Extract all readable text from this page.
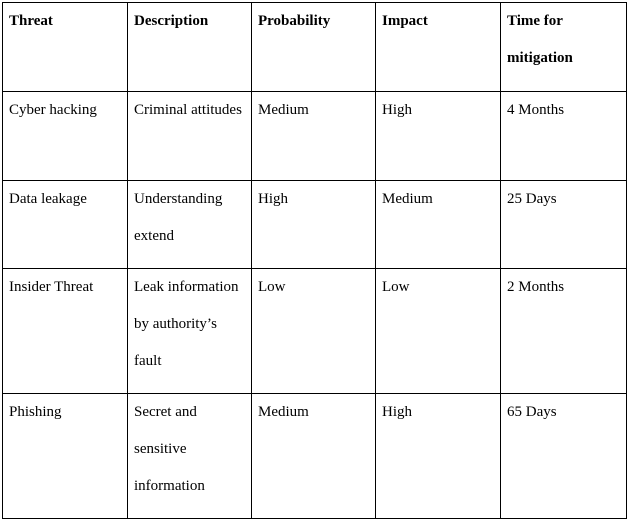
Threat	Description	Probability	Impact	Time for mitigation

Cyber hacking	Criminal attitudes	Medium	High	4 Months

Data leakage	Understanding extend	High	Medium	25 Days

Insider Threat	Leak information by authority’s fault	Low	Low	2 Months

Phishing	Secret and sensitive information	Medium	High	65 Days
